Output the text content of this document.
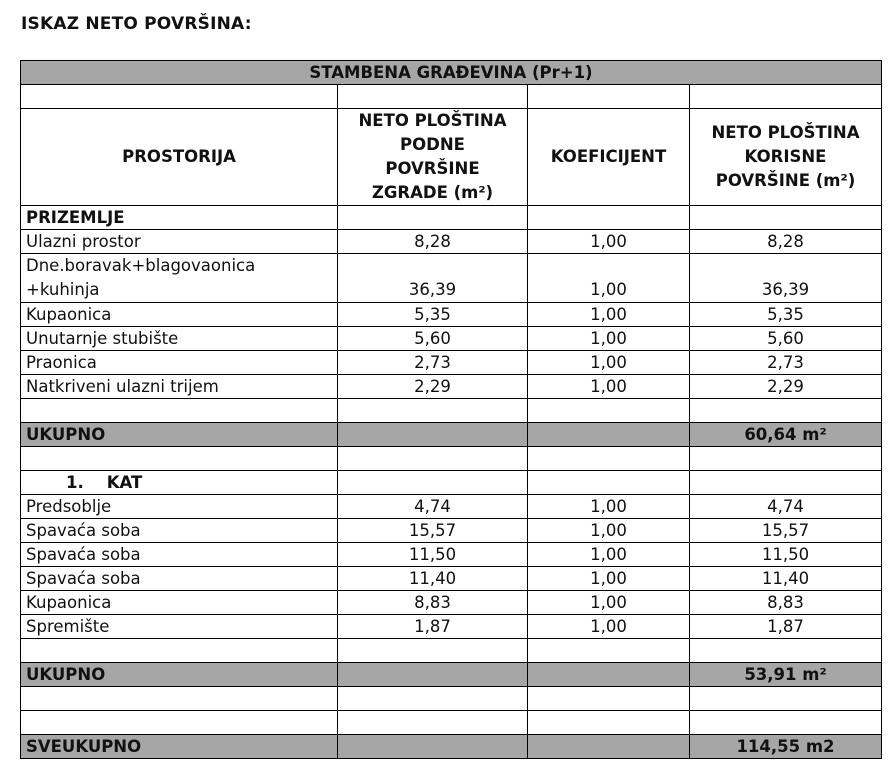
ISKAZ NETO POVRŠINA:
STAMBENA GRAĐEVINA (Pr+1)			

PROSTORIJA	NETO PLOŠTINA PODNE POVRŠINE ZGRADE (m²)	KOEFICIJENT	NETO PLOŠTINA KORISNE POVRŠINE (m²)
PRIZEMLJE			
Ulazni prostor	8,28	1,00	8,28
Dne.boravak+blagovaonica +kuhinja	36,39	1,00	36,39
Kupaonica	5,35	1,00	5,35
Unutarnje stubište	5,60	1,00	5,60
Praonica	2,73	1,00	2,73
Natkriveni ulazni trijem	2,29	1,00	2,29

UKUPNO			60,64 m²

1. KAT			
Predsoblje	4,74	1,00	4,74
Spavaća soba	15,57	1,00	15,57
Spavaća soba	11,50	1,00	11,50
Spavaća soba	11,40	1,00	11,40
Kupaonica	8,83	1,00	8,83
Spremište	1,87	1,00	1,87

UKUPNO			53,91 m²

SVEUKUPNO			114,55 m2
